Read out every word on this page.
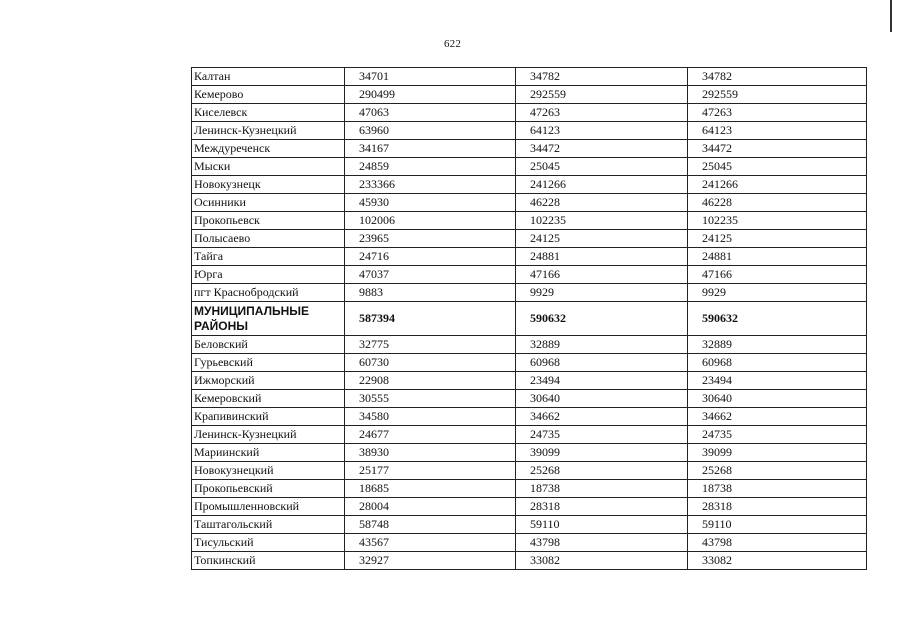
622
Калтан	34701	34782	34782
Кемерово	290499	292559	292559
Киселевск	47063	47263	47263
Ленинск-Кузнецкий	63960	64123	64123
Междуреченск	34167	34472	34472
Мыски	24859	25045	25045
Новокузнецк	233366	241266	241266
Осинники	45930	46228	46228
Прокопьевск	102006	102235	102235
Полысаево	23965	24125	24125
Тайга	24716	24881	24881
Юрга	47037	47166	47166
пгт Краснобродский	9883	9929	9929
МУНИЦИПАЛЬНЫЕ РАЙОНЫ	587394	590632	590632
Беловский	32775	32889	32889
Гурьевский	60730	60968	60968
Ижморский	22908	23494	23494
Кемеровский	30555	30640	30640
Крапивинский	34580	34662	34662
Ленинск-Кузнецкий	24677	24735	24735
Мариинский	38930	39099	39099
Новокузнецкий	25177	25268	25268
Прокопьевский	18685	18738	18738
Промышленновский	28004	28318	28318
Таштагольский	58748	59110	59110
Тисульский	43567	43798	43798
Топкинский	32927	33082	33082
